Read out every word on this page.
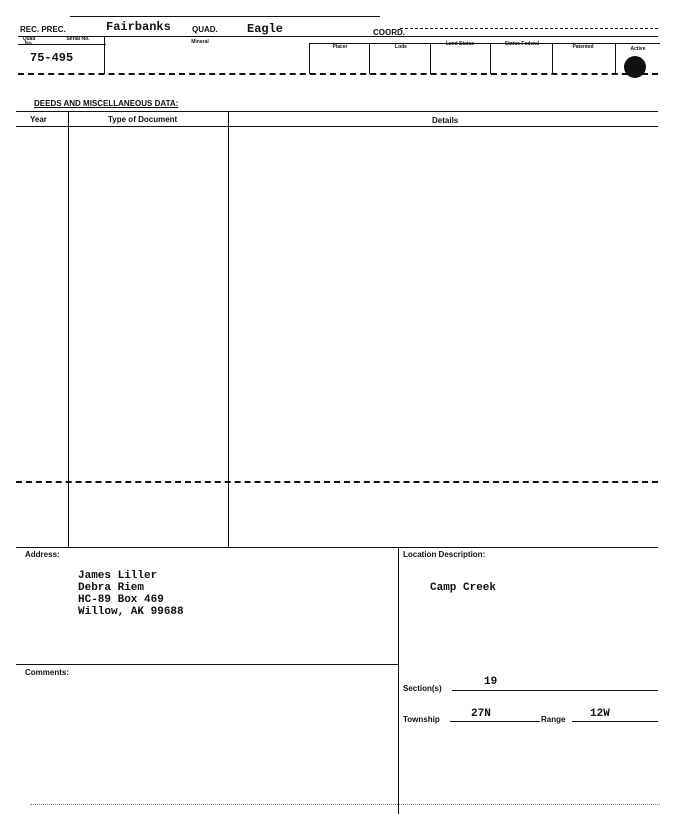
REC. PREC.	Fairbanks	QUAD. Eagle	COORD.
Quad No.
Serial No.	Mineral
Placer	Lode	Land Status	Status Federal	Patented	Active
75-495
DEEDS AND MISCELLANEOUS DATA:
Year	Type of Document	Details
Address:
James Liller
Debra Riem
HC-89 Box 469
Willow, AK 99688
Location Description:
Camp Creek
Comments:
Section(s)
19
Township	27N	Range 12W
